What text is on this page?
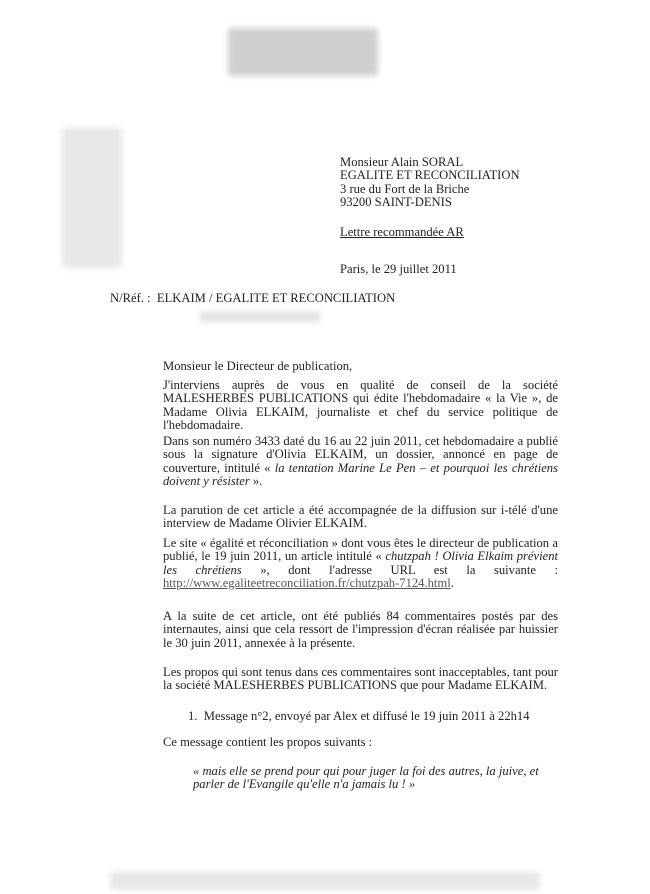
Monsieur Alain SORAL
EGALITE ET RECONCILIATION
3 rue du Fort de la Briche
93200 SAINT-DENIS
Lettre recommandée AR
Paris, le 29 juillet 2011
N/Réf. : ELKAIM / EGALITE ET RECONCILIATION
Monsieur le Directeur de publication,
J'interviens auprès de vous en qualité de conseil de la société MALESHERBES PUBLICATIONS qui édite l'hebdomadaire « la Vie », de Madame Olivia ELKAIM, journaliste et chef du service politique de l'hebdomadaire.
Dans son numéro 3433 daté du 16 au 22 juin 2011, cet hebdomadaire a publié sous la signature d'Olivia ELKAIM, un dossier, annoncé en page de couverture, intitulé « la tentation Marine Le Pen – et pourquoi les chrétiens doivent y résister ».
La parution de cet article a été accompagnée de la diffusion sur i-télé d'une interview de Madame Olivier ELKAIM.
Le site « égalité et réconciliation » dont vous êtes le directeur de publication a publié, le 19 juin 2011, un article intitulé « chutzpah ! Olivia Elkaim prévient les chrétiens », dont l'adresse URL est la suivante : http://www.egaliteetreconciliation.fr/chutzpah-7124.html.
A la suite de cet article, ont été publiés 84 commentaires postés par des internautes, ainsi que cela ressort de l'impression d'écran réalisée par huissier le 30 juin 2011, annexée à la présente.
Les propos qui sont tenus dans ces commentaires sont inacceptables, tant pour la société MALESHERBES PUBLICATIONS que pour Madame ELKAIM.
1. Message n°2, envoyé par Alex et diffusé le 19 juin 2011 à 22h14
Ce message contient les propos suivants :
« mais elle se prend pour qui pour juger la foi des autres, la juive, et parler de l'Evangile qu'elle n'a jamais lu ! »
